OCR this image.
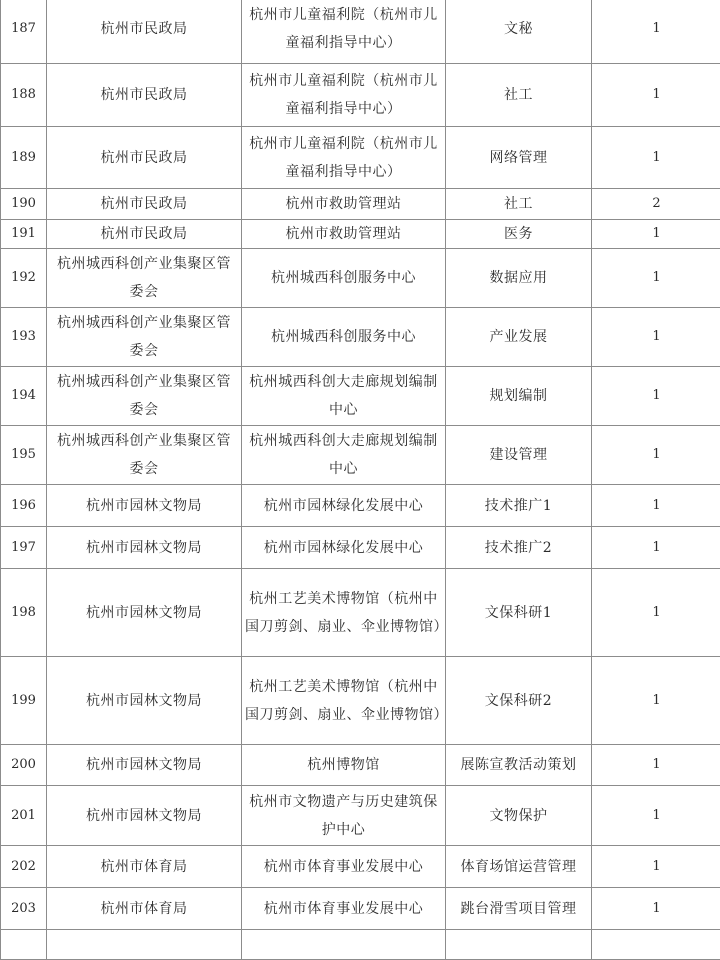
187	杭州市民政局	杭州市儿童福利院（杭州市儿童福利指导中心）	文秘	1
188	杭州市民政局	杭州市儿童福利院（杭州市儿童福利指导中心）	社工	1
189	杭州市民政局	杭州市儿童福利院（杭州市儿童福利指导中心）	网络管理	1
190	杭州市民政局	杭州市救助管理站	社工	2
191	杭州市民政局	杭州市救助管理站	医务	1
192	杭州城西科创产业集聚区管委会	杭州城西科创服务中心	数据应用	1
193	杭州城西科创产业集聚区管委会	杭州城西科创服务中心	产业发展	1
194	杭州城西科创产业集聚区管委会	杭州城西科创大走廊规划编制中心	规划编制	1
195	杭州城西科创产业集聚区管委会	杭州城西科创大走廊规划编制中心	建设管理	1
196	杭州市园林文物局	杭州市园林绿化发展中心	技术推广1	1
197	杭州市园林文物局	杭州市园林绿化发展中心	技术推广2	1
198	杭州市园林文物局	杭州工艺美术博物馆（杭州中国刀剪剑、扇业、伞业博物馆）	文保科研1	1
199	杭州市园林文物局	杭州工艺美术博物馆（杭州中国刀剪剑、扇业、伞业博物馆）	文保科研2	1
200	杭州市园林文物局	杭州博物馆	展陈宣教活动策划	1
201	杭州市园林文物局	杭州市文物遗产与历史建筑保护中心	文物保护	1
202	杭州市体育局	杭州市体育事业发展中心	体育场馆运营管理	1
203	杭州市体育局	杭州市体育事业发展中心	跳台滑雪项目管理	1
